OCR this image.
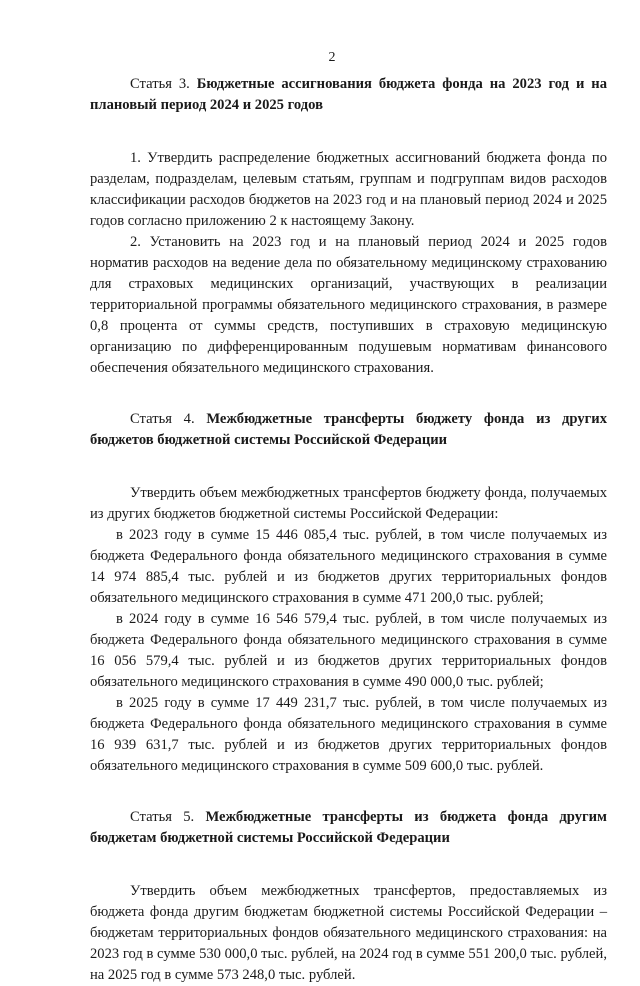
2

Статья 3. Бюджетные ассигнования бюджета фонда на 2023 год и на плановый период 2024 и 2025 годов

1. Утвердить распределение бюджетных ассигнований бюджета фонда по разделам, подразделам, целевым статьям, группам и подгруппам видов расходов классификации расходов бюджетов на 2023 год и на плановый период 2024 и 2025 годов согласно приложению 2 к настоящему Закону.

2. Установить на 2023 год и на плановый период 2024 и 2025 годов норматив расходов на ведение дела по обязательному медицинскому страхованию для страховых медицинских организаций, участвующих в реализации территориальной программы обязательного медицинского страхования, в размере 0,8 процента от суммы средств, поступивших в страховую медицинскую организацию по дифференцированным подушевым нормативам финансового обеспечения обязательного медицинского страхования.

Статья 4. Межбюджетные трансферты бюджету фонда из других бюджетов бюджетной системы Российской Федерации

Утвердить объем межбюджетных трансфертов бюджету фонда, получаемых из других бюджетов бюджетной системы Российской Федерации:

в 2023 году в сумме 15 446 085,4 тыс. рублей, в том числе получаемых из бюджета Федерального фонда обязательного медицинского страхования в сумме 14 974 885,4 тыс. рублей и из бюджетов других территориальных фондов обязательного медицинского страхования в сумме 471 200,0 тыс. рублей;

в 2024 году в сумме 16 546 579,4 тыс. рублей, в том числе получаемых из бюджета Федерального фонда обязательного медицинского страхования в сумме 16 056 579,4 тыс. рублей и из бюджетов других территориальных фондов обязательного медицинского страхования в сумме 490 000,0 тыс. рублей;

в 2025 году в сумме 17 449 231,7 тыс. рублей, в том числе получаемых из бюджета Федерального фонда обязательного медицинского страхования в сумме 16 939 631,7 тыс. рублей и из бюджетов других территориальных фондов обязательного медицинского страхования в сумме 509 600,0 тыс. рублей.

Статья 5. Межбюджетные трансферты из бюджета фонда другим бюджетам бюджетной системы Российской Федерации

Утвердить объем межбюджетных трансфертов, предоставляемых из бюджета фонда другим бюджетам бюджетной системы Российской Федерации – бюджетам территориальных фондов обязательного медицинского страхования: на 2023 год в сумме 530 000,0 тыс. рублей, на 2024 год в сумме 551 200,0 тыс. рублей, на 2025 год в сумме 573 248,0 тыс. рублей.
